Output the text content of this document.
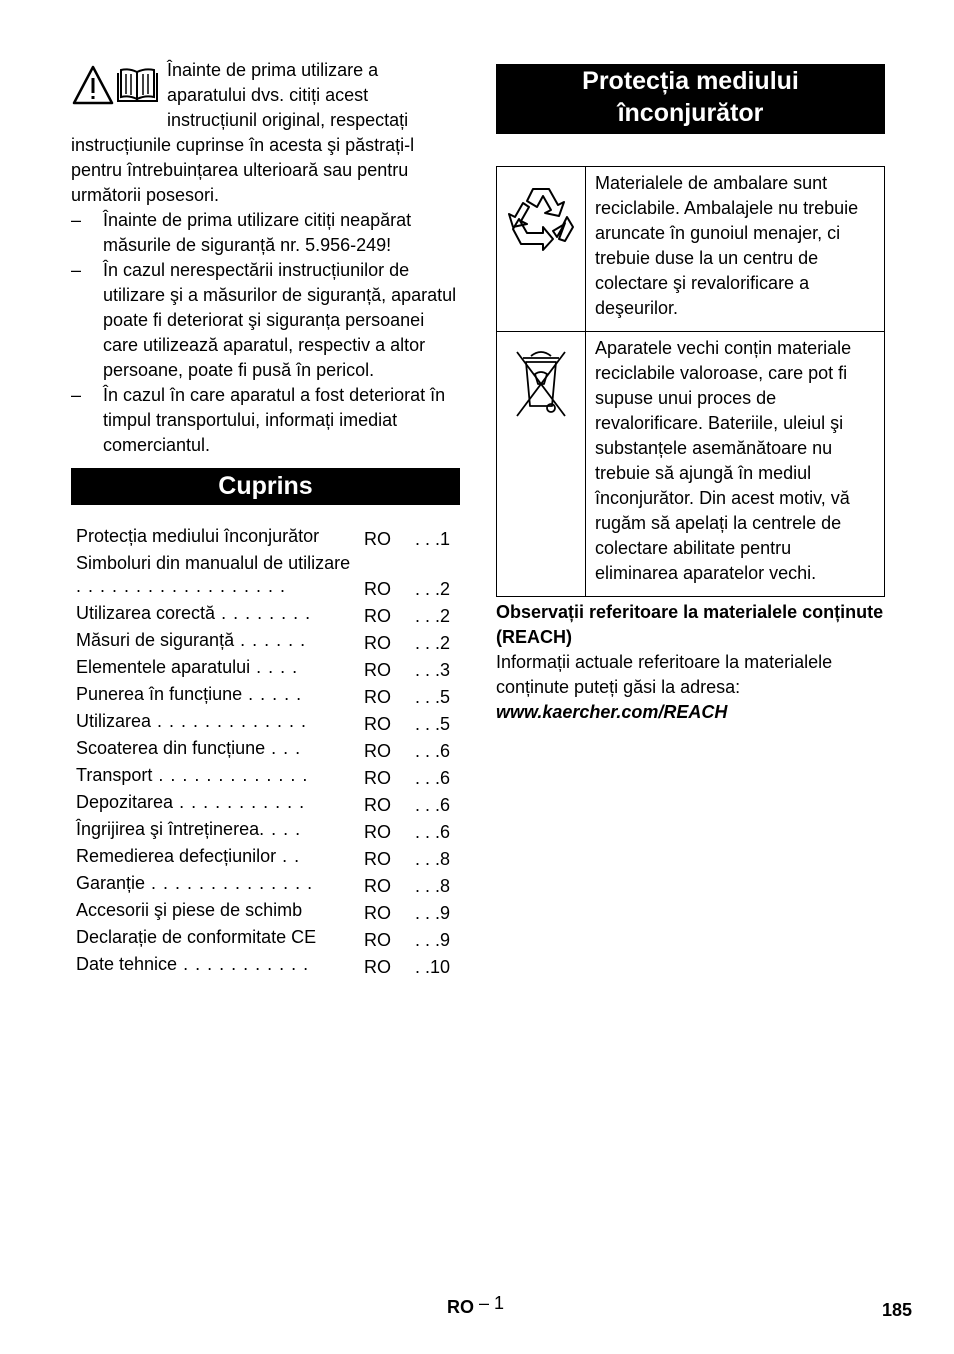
Înainte de prima utilizare a aparatului dvs. citiți acest instrucțiunil original, respectați instrucțiunile cuprinse în acesta şi păstrați-l pentru întrebuințarea ulterioară sau pentru următorii posesori.
–	Înainte de prima utilizare citiți neapărat măsurile de siguranță nr. 5.956-249!
–	În cazul nerespectării instrucțiunilor de utilizare şi a măsurilor de siguranță, aparatul poate fi deteriorat şi siguranța persoanei care utilizează aparatul, respectiv a altor persoane, poate fi pusă în pericol.
–	În cazul în care aparatul a fost deteriorat în timpul transportului, informați imediat comerciantul.
Cuprins
Protecția mediului înconjurător	RO	. . .1
Simboluri din manualul de utilizare . . . . . . . . . . . . . . . . . .	RO	. . .2
Utilizarea corectă . . . . . . . .	RO	. . .2
Măsuri de siguranță . . . . . .	RO	. . .2
Elementele aparatului . . . .	RO	. . .3
Punerea în funcțiune . . . . .	RO	. . .5
Utilizarea . . . . . . . . . . . . .	RO	. . .5
Scoaterea din funcțiune . . .	RO	. . .6
Transport . . . . . . . . . . . . .	RO	. . .6
Depozitarea . . . . . . . . . . .	RO	. . .6
Îngrijirea şi întreținerea. . . .	RO	. . .6
Remedierea defecțiunilor . .	RO	. . .8
Garanție . . . . . . . . . . . . . .	RO	. . .8
Accesorii şi piese de schimb	RO	. . .9
Declarație de conformitate CE	RO	. . .9
Date tehnice . . . . . . . . . . .	RO	. .10
Protecția mediului
înconjurător
	Materialele de ambalare sunt reciclabile. Ambalajele nu trebuie aruncate în gunoiul menajer, ci trebuie duse la un centru de colectare şi revalorificare a deşeurilor.

	Aparatele vechi conțin materiale reciclabile valoroase, care pot fi supuse unui proces de revalorificare. Bateriile, uleiul şi substanțele asemănătoare nu trebuie să ajungă în mediul înconjurător. Din acest motiv, vă rugăm să apelați la centrele de colectare abilitate pentru eliminarea aparatelor vechi.
Observații referitoare la materialele conținute (REACH)
Informații actuale referitoare la materialele conținute puteți găsi la adresa:
www.kaercher.com/REACH
RO – 1	185
